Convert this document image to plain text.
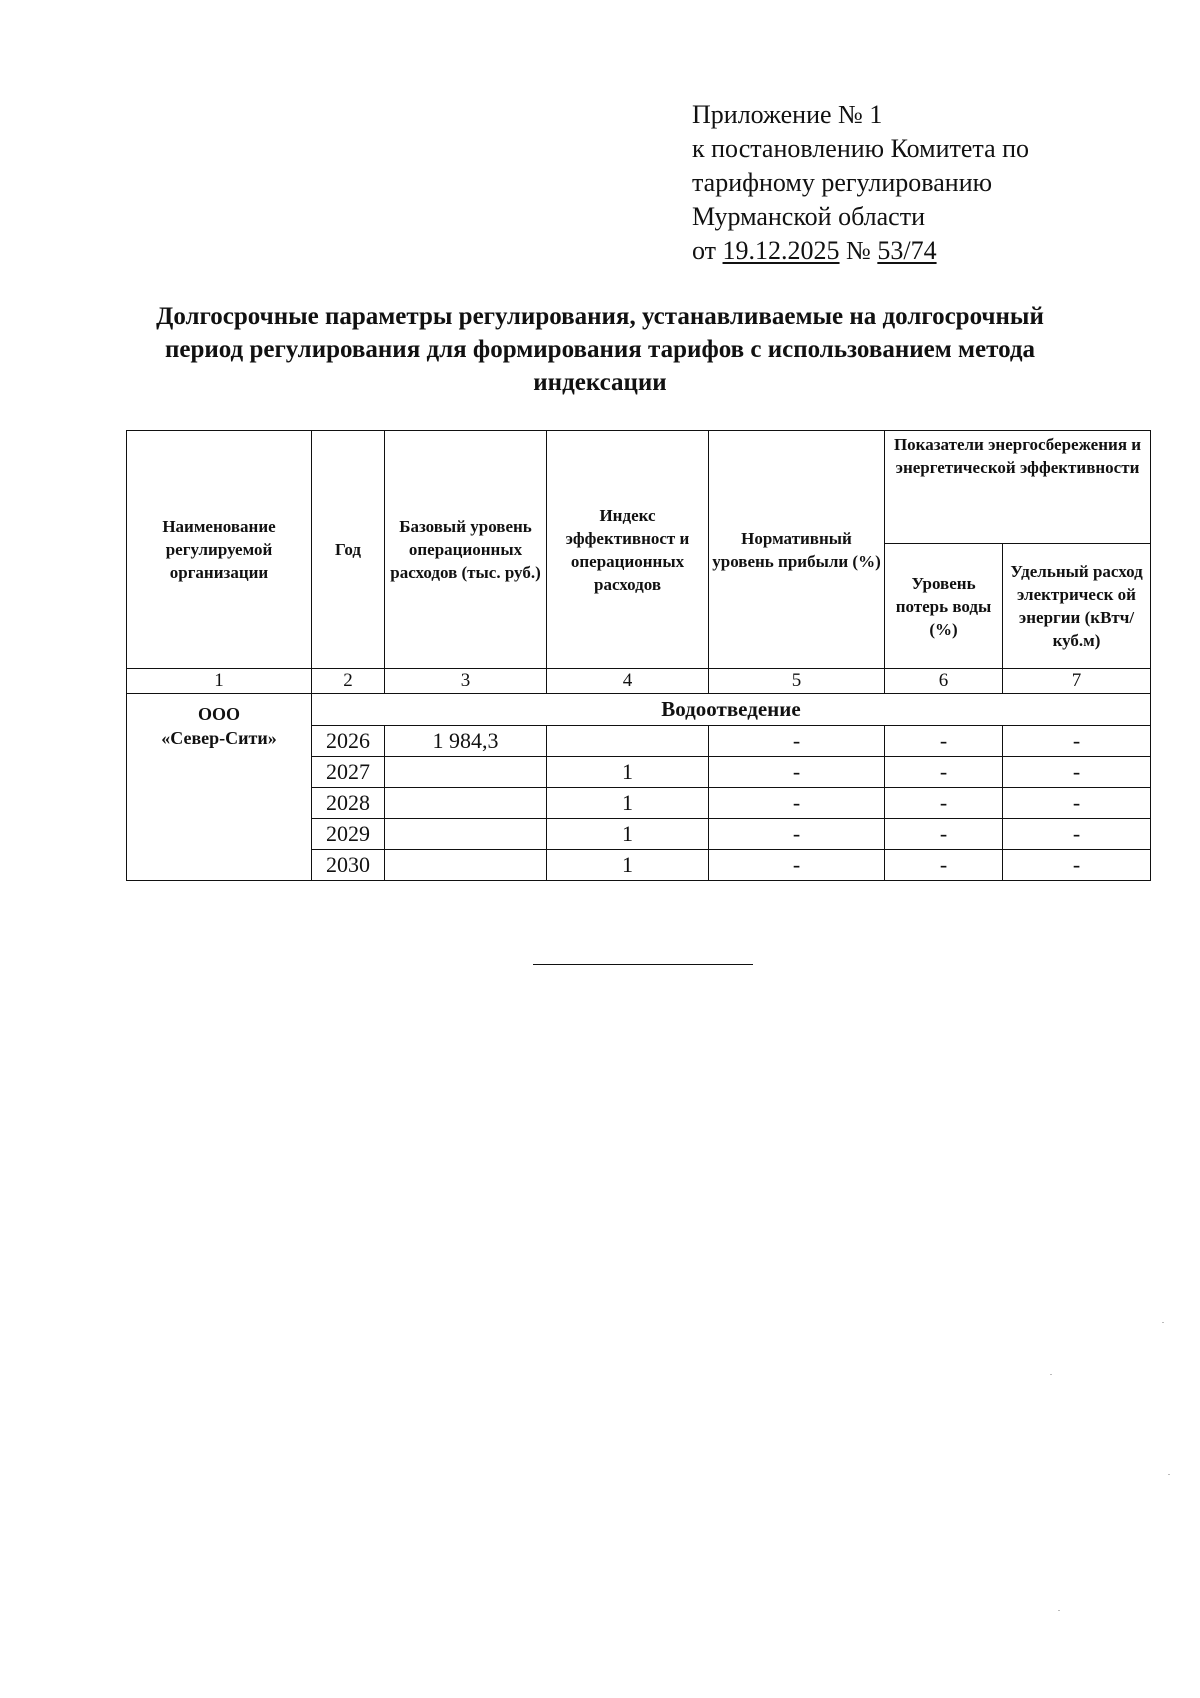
Приложение № 1
к постановлению Комитета по
тарифному регулированию
Мурманской области
от 19.12.2025 № 53/74
Долгосрочные параметры регулирования, устанавливаемые на долгосрочный период регулирования для формирования тарифов с использованием метода индексации
Наименование регулируемой организации	Год	Базовый уровень операционных расходов (тыс. руб.)	Индекс эффективност и операционных расходов	Нормативный уровень прибыли (%)	Показатели энергосбережения и энергетической эффективности	
					Уровень потерь воды (%)	Удельный расход электрическ ой энергии (кВтч/куб.м)
1	2	3	4	5	6	7

ООО
«Север-Сити»	Водоотведение					
	2026	1 984,3		-	-	-
	2027		1	-	-	-
	2028		1	-	-	-
	2029		1	-	-	-
	2030		1	-	-	-
